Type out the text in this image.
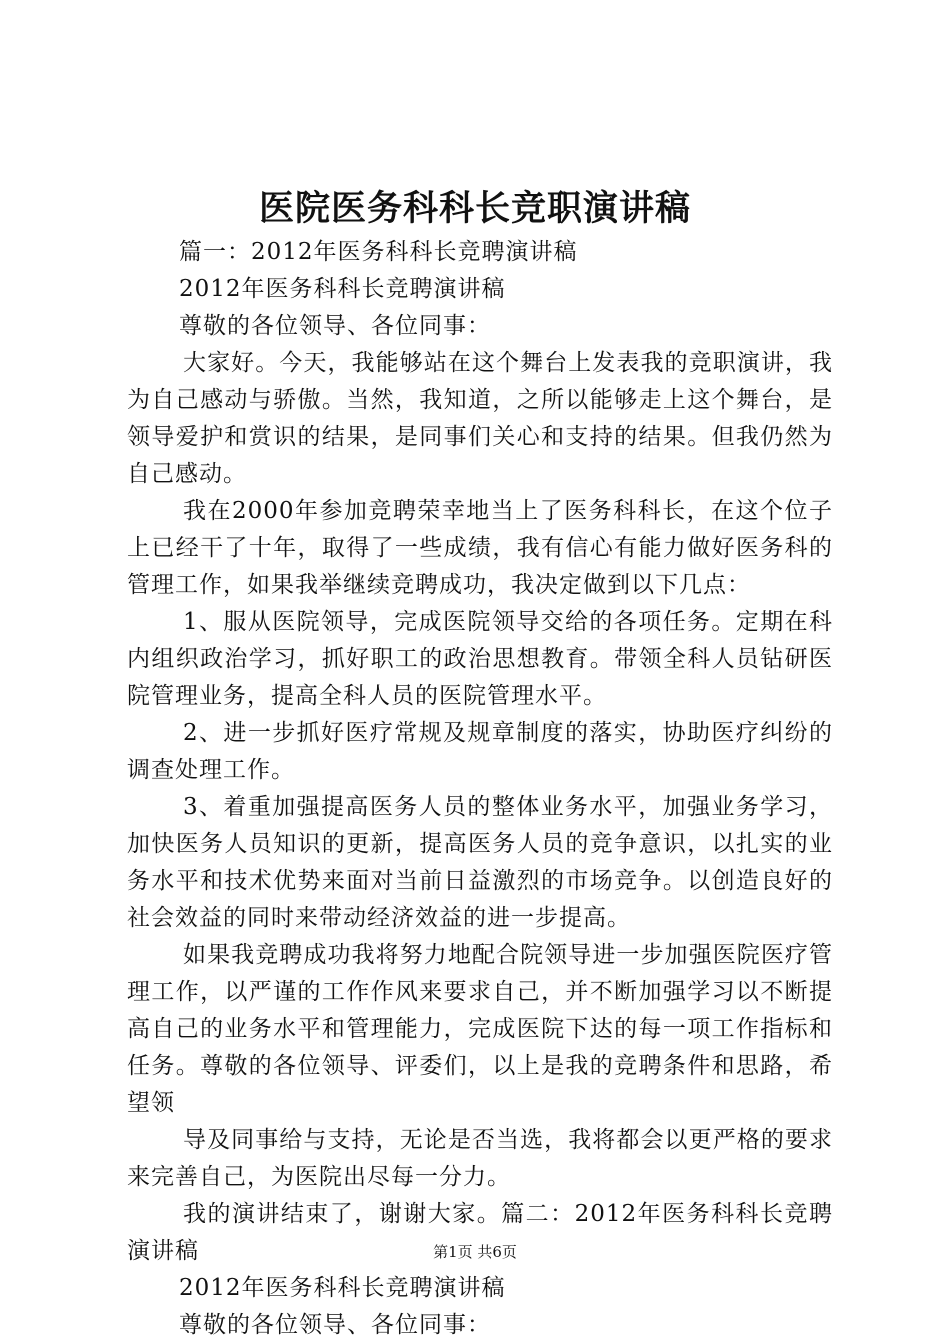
医院医务科科长竞职演讲稿

篇一：2012年医务科科长竞聘演讲稿

2012年医务科科长竞聘演讲稿

尊敬的各位领导、各位同事：

大家好。今天，我能够站在这个舞台上发表我的竞职演讲，我为自己感动与骄傲。当然，我知道，之所以能够走上这个舞台，是领导爱护和赏识的结果，是同事们关心和支持的结果。但我仍然为自己感动。

我在2000年参加竞聘荣幸地当上了医务科科长，在这个位子上已经干了十年，取得了一些成绩，我有信心有能力做好医务科的管理工作，如果我举继续竞聘成功，我决定做到以下几点：

1、服从医院领导，完成医院领导交给的各项任务。定期在科内组织政治学习，抓好职工的政治思想教育。带领全科人员钻研医院管理业务，提高全科人员的医院管理水平。

2、进一步抓好医疗常规及规章制度的落实，协助医疗纠纷的调查处理工作。

3、着重加强提高医务人员的整体业务水平，加强业务学习，加快医务人员知识的更新，提高医务人员的竞争意识，以扎实的业务水平和技术优势来面对当前日益激烈的市场竞争。以创造良好的社会效益的同时来带动经济效益的进一步提高。

如果我竞聘成功我将努力地配合院领导进一步加强医院医疗管理工作，以严谨的工作作风来要求自己，并不断加强学习以不断提高自己的业务水平和管理能力，完成医院下达的每一项工作指标和任务。尊敬的各位领导、评委们，以上是我的竞聘条件和思路，希望领

导及同事给与支持，无论是否当选，我将都会以更严格的要求来完善自己，为医院出尽每一分力。

我的演讲结束了，谢谢大家。篇二：2012年医务科科长竞聘演讲稿

2012年医务科科长竞聘演讲稿

尊敬的各位领导、各位同事：

第1页 共6页
